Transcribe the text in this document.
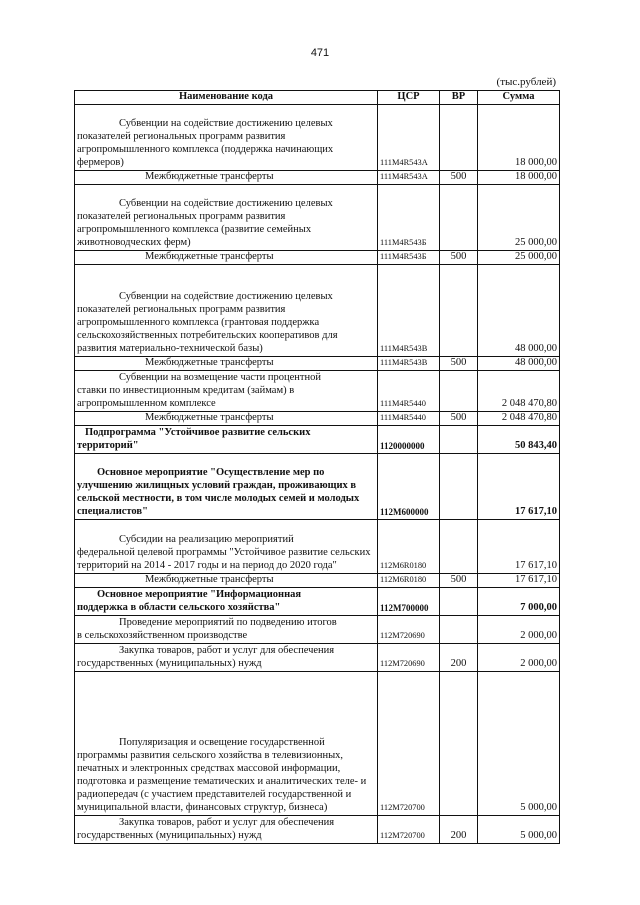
471
(тыс.рублей)
Наименование кода	ЦСР	ВР	Сумма

Субвенции на содействие достижению целевых
показателей региональных программ развития агропромышленного комплекса (поддержка начинающих фермеров)	111M4R543A		18 000,00

Межбюджетные трансферты	111M4R543A	500	18 000,00

Субвенции на содействие достижению целевых
показателей региональных программ развития агропромышленного комплекса (развитие семейных животноводческих ферм)	111M4R543Б		25 000,00

Межбюджетные трансферты	111M4R543Б	500	25 000,00

Субвенции на содействие достижению целевых
показателей региональных программ развития агропромышленного комплекса (грантовая поддержка сельскохозяйственных потребительских кооперативов для развития материально-технической базы)	111M4R543В		48 000,00

Межбюджетные трансферты	111M4R543В	500	48 000,00

Субвенции на возмещение части процентной
ставки по инвестиционным кредитам (займам) в агропромышленном комплексе	111M4R5440		2 048 470,80

Межбюджетные трансферты	111M4R5440	500	2 048 470,80

Подпрограмма "Устойчивое развитие сельских
территорий"	1120000000		50 843,40

Основное мероприятие "Осуществление мер по
улучшению жилищных условий граждан, проживающих в сельской местности, в том числе молодых семей и молодых специалистов"	112M600000		17 617,10

Субсидии на реализацию мероприятий
федеральной целевой программы "Устойчивое развитие сельских территорий на 2014 - 2017 годы и на период до 2020 года"	112M6R0180		17 617,10

Межбюджетные трансферты	112M6R0180	500	17 617,10

Основное мероприятие "Информационная
поддержка в области сельского хозяйства"	112M700000		7 000,00

Проведение мероприятий по подведению итогов
в сельскохозяйственном производстве	112M720690		2 000,00

Закупка товаров, работ и услуг для обеспечения
государственных (муниципальных) нужд	112M720690	200	2 000,00

Популяризация и освещение государственной
программы развития сельского хозяйства в телевизионных, печатных и электронных средствах массовой информации, подготовка и размещение тематических и аналитических теле- и радиопередач (с участием представителей государственной и муниципальной власти, финансовых структур, бизнеса)	112M720700		5 000,00

Закупка товаров, работ и услуг для обеспечения
государственных (муниципальных) нужд	112M720700	200	5 000,00
